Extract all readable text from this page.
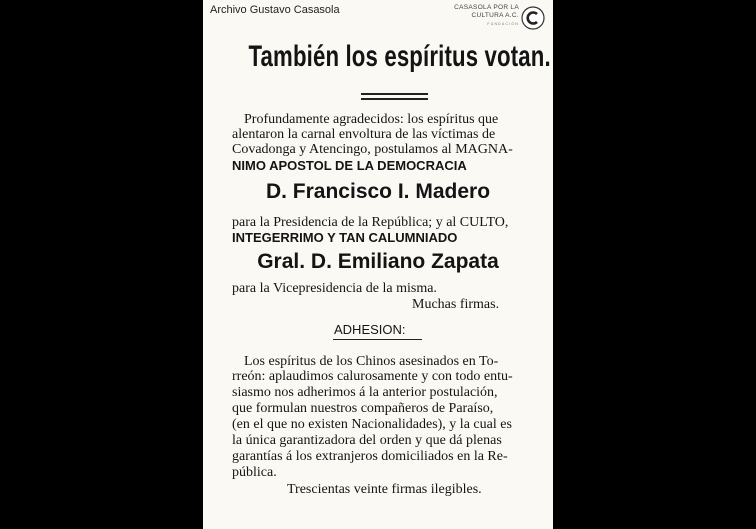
Archivo Gustavo Casasola	CASASOLA POR LA
CULTURA A.C.
FUNDACIÓN
También los espíritus votan.
Profundamente agradecidos: los espíritus que
alentaron la carnal envoltura de las víctimas de
Covadonga y Atencingo, postulamos al MAGNA-
NIMO APOSTOL DE LA DEMOCRACIA
D. Francisco I. Madero
para la Presidencia de la República; y al CULTO,
INTEGERRIMO Y TAN CALUMNIADO
Gral. D. Emiliano Zapata
para la Vicepresidencia de la misma.
Muchas firmas.
ADHESION:
Los espíritus de los Chinos asesinados en To-
rreón: aplaudimos calurosamente y con todo entu-
siasmo nos adherimos á la anterior postulación,
que formulan nuestros compañeros de Paraíso,
(en el que no existen Nacionalidades), y la cual es
la única garantizadora del orden y que dá plenas
garantías á los extranjeros domiciliados en la Re-
pública.
Trescientas veinte firmas ilegibles.
